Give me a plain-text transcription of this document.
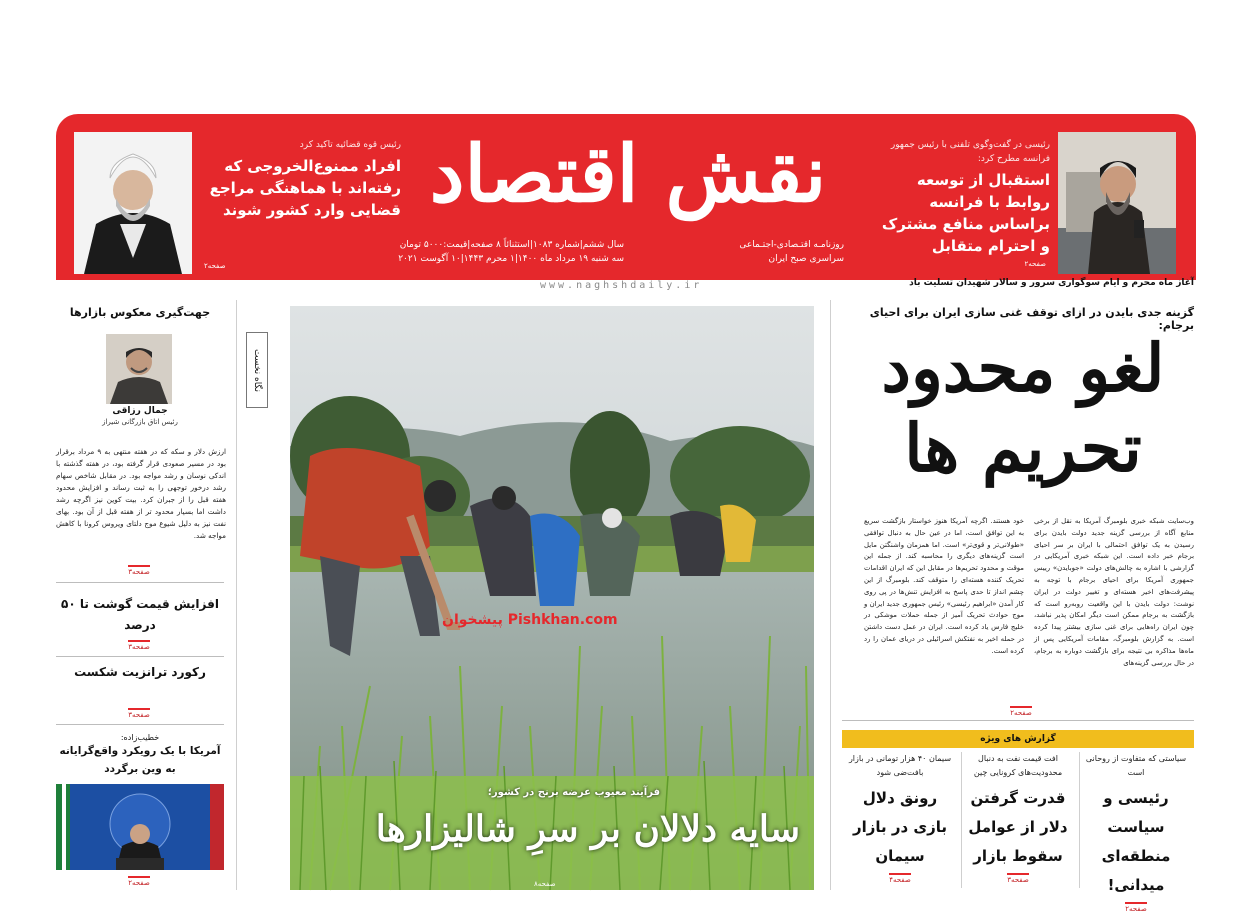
رئیسی در گفت‌وگوی تلفنی با رئیس جمهور فرانسه مطرح کرد:
استقبال از توسعه روابط با فرانسه براساس منافع مشترک و احترام متقابل
صفحه۲
نقش اقتصاد
روزنامـه اقتـصادی-اجتـماعی
سراسری صبح ایران
سال ششم|شماره ۱۰۸۳|استثنائاً ۸ صفحه|قیمت:۵۰۰۰ تومان
سه شنبه ۱۹ مرداد ماه ۱۴۰۰|۱ محرم ۱۴۴۳|۱۰ آگوست ۲۰۲۱
رئیس قوه قضائیه تاکید کرد
افراد ممنوع‌الخروجی که رفته‌اند با هماهنگی مراجع قضایی وارد کشور شوند
صفحه۲
آغاز ماه محرم و ایام سوگواری سرور و سالار شهیدان تسلیت باد
www.naghshdaily.ir
جهت‌گیری معکوس بازارها
جمال رزاقی
رئیس اتاق بازرگانی شیراز
ارزش دلار و سکه که در هفته منتهی به ۹ مرداد برقرار بود در مسیر صعودی قرار گرفته بود، در هفته گذشته با اندکی نوسان و رشد مواجه بود. در مقابل شاخص سهام رشد درخور توجهی را به ثبت رساند و افزایش محدود هفته قبل را از جبران کرد. بیت کوین نیز اگرچه رشد داشت اما بسیار محدود تر از هفته قبل از آن بود. بهای نفت نیز به دلیل شیوع موج دلتای ویروس کرونا با کاهش مواجه شد.
صفحه۳
افزایش قیمت گوشت تا ۵۰ درصد
صفحه۳
رکورد ترانزیت شکست
صفحه۳
خطیب‌زاده:
آمریکا با یک رویکرد واقع‌گرایانه به وین برگردد
صفحه۲
نگاه نخست
فرآیند معیوب عرضه برنج در کشور؛
سایه دلالان بر سرِ شالیزارها
صفحه۸
پیشخوان Pishkhan.com
گزینه جدی بایدن در ازای توقف غنی سازی ایران برای احیای برجام:
لغو محدود
تحریم ها
وب‌سایت شبکه خبری بلومبرگ آمریکا به نقل از برخی منابع آگاه از بررسی گزینه جدید دولت بایدن برای رسیدن به یک توافق احتمالی با ایران بر سر احیای برجام خبر داده است. این شبکه خبری آمریکایی در گزارشی با اشاره به چالش‌های دولت «جوبایدن» رییس جمهوری آمریکا برای احیای برجام با توجه به پیشرفت‌های اخیر هسته‌ای و تغییر دولت در ایران نوشت: دولت بایدن با این واقعیت رو‌به‌رو است که بازگشت به برجام ممکن است دیگر امکان پذیر نباشد، چون ایران راه‌هایی برای غنی سازی بیشتر پیدا کرده است. به گزارش بلومبرگ، مقامات آمریکایی پس از ماه‌ها مذاکره بی نتیجه برای بازگشت دوباره به برجام، در حال بررسی گزینه‌های
خود هستند. اگرچه آمریکا هنوز خواستار بازگشت سریع به این توافق است، اما در عین حال به دنبال توافقی «طولانی‌تر و قوی‌تر» است. اما همزمان واشنگتن مایل است گزینه‌های دیگری را محاسبه کند. از جمله این موقت و محدود تحریم‌ها در مقابل این که ایران اقدامات تحریک کننده هسته‌ای را متوقف کند. بلومبرگ از این چشم انداز تا حدی پاسخ به افزایش تنش‌ها در پی روی کار آمدن «ابراهیم رئیسی» رئیس جمهوری جدید ایران و موج حوادث تحریک آمیز از جمله حملات موشکی در خلیج فارس یاد کرده است. ایران در عمل دست داشتن در حمله اخیر به نفتکش اسرائیلی در دریای عمان را رد کرده است.
صفحه۲
گزارش های ویژه
سیاستی که متفاوت از روحانی است
رئیسی و سیاست منطقه‌ای میدانی!
صفحه۲
افت قیمت نفت به دنبال محدودیت‌های کرونایی چین
قدرت گرفتن دلار از عوامل سقوط بازار
صفحه۳
سیمان ۴۰ هزار تومانی در بازار بافت‌ضی شود
رونق دلال بازی در بازار سیمان
صفحه۴
